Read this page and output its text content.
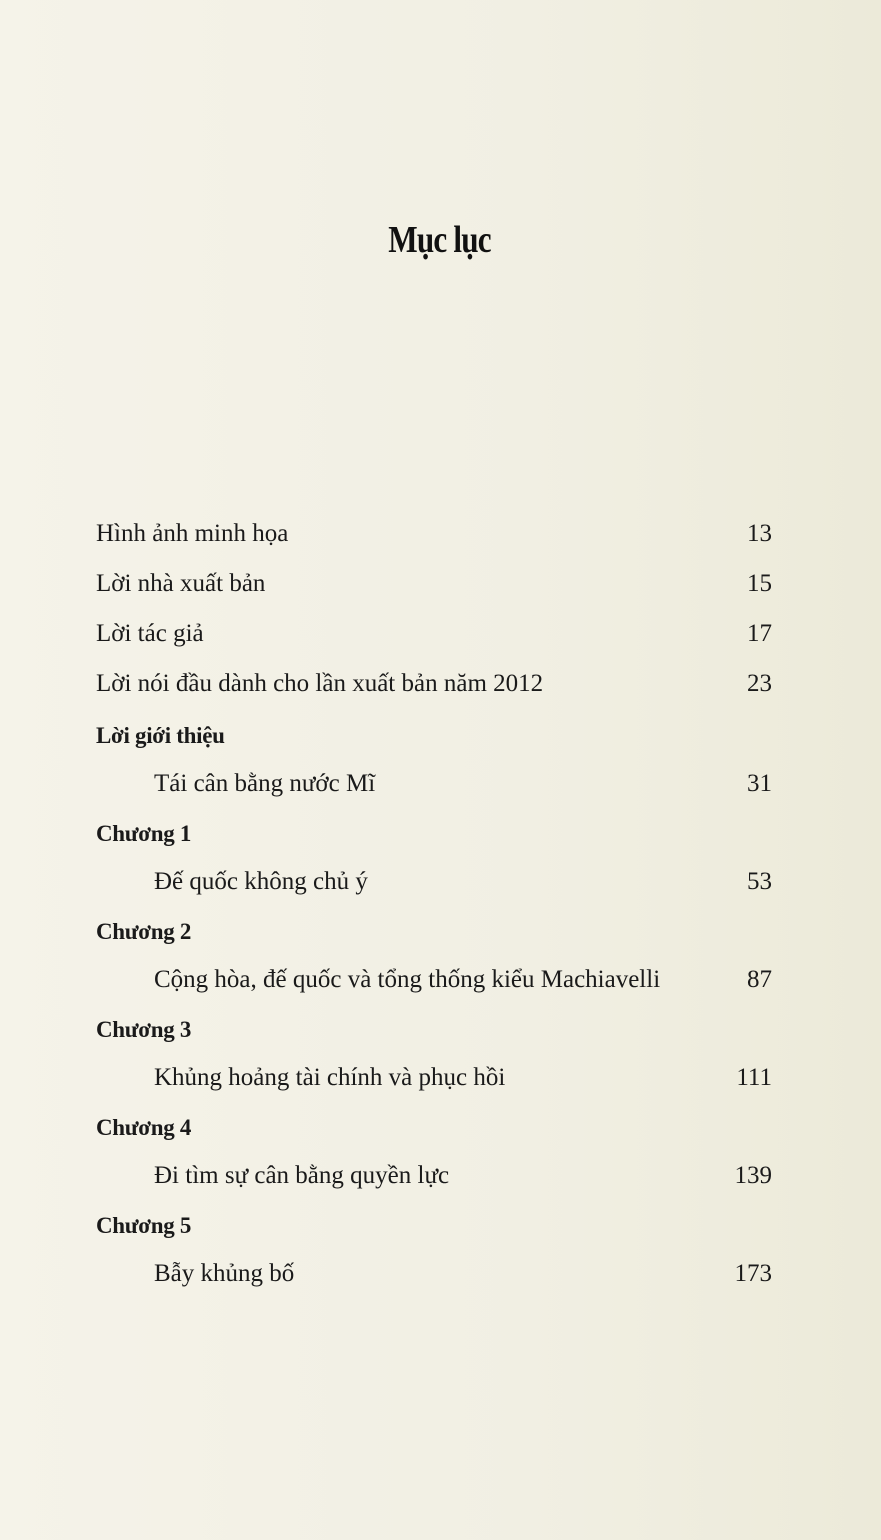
Mục lục
Hình ảnh minh họa	13
Lời nhà xuất bản	15
Lời tác giả	17
Lời nói đầu dành cho lần xuất bản năm 2012	23
Lời giới thiệu
Tái cân bằng nước Mĩ	31
Chương 1
Đế quốc không chủ ý	53
Chương 2
Cộng hòa, đế quốc và tổng thống kiểu Machiavelli	87
Chương 3
Khủng hoảng tài chính và phục hồi	111
Chương 4
Đi tìm sự cân bằng quyền lực	139
Chương 5
Bẫy khủng bố	173
